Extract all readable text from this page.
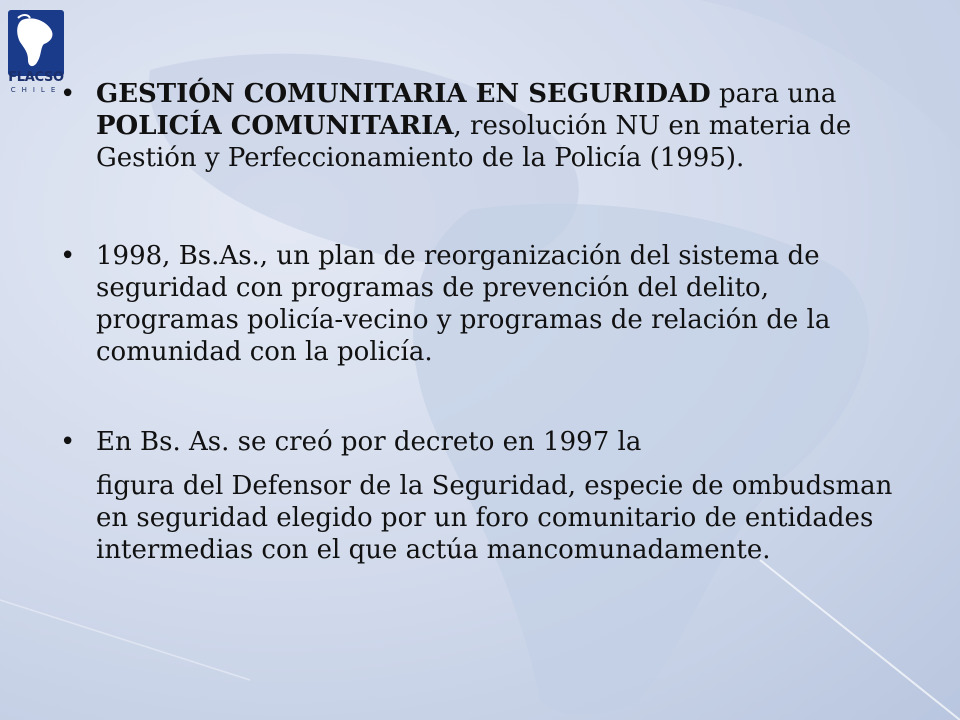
FLACSO
CHILE
• GESTIÓN COMUNITARIA EN SEGURIDAD para una POLICÍA COMUNITARIA, resolución NU en materia de Gestión y Perfeccionamiento de la Policía (1995).
• 1998, Bs.As., un plan de reorganización del sistema de seguridad con programas de prevención del delito, programas policía-vecino y programas de relación de la comunidad con la policía.
• En Bs. As. se creó por decreto en 1997 la
figura del Defensor de la Seguridad, especie de ombudsman en seguridad elegido por un foro comunitario de entidades intermedias con el que actúa mancomunadamente.
